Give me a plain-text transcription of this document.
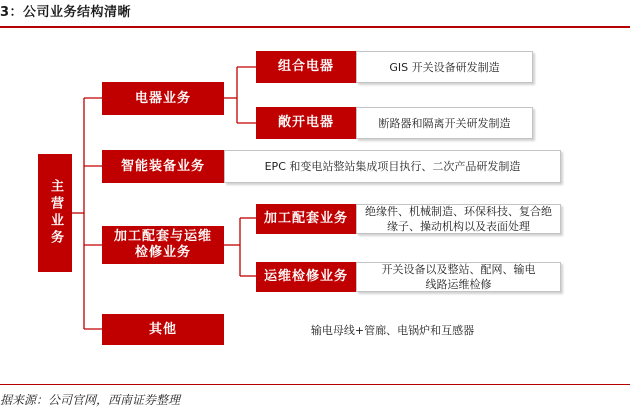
3：公司业务结构清晰
主营业务
电器业务
组合电器	GIS 开关设备研发制造
敞开电器	断路器和隔离开关研发制造
智能装备业务	EPC 和变电站整站集成项目执行、二次产品研发制造
加工配套与运维检修业务
加工配套业务 绝缘件、机械制造、环保科技、复合绝缘子、操动机构以及表面处理
运维检修业务	开关设备以及整站、配网、输电线路运维检修
其他	输电母线+管廊、电锅炉和互感器
据来源：公司官网，西南证券整理
